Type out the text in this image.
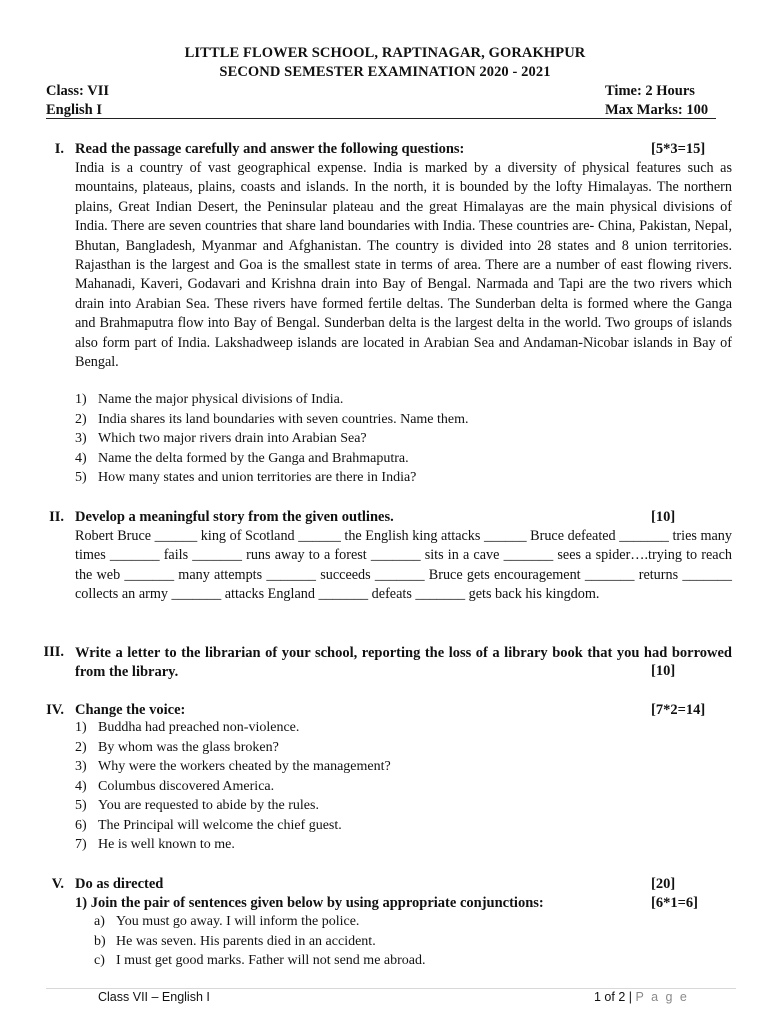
LITTLE FLOWER SCHOOL, RAPTINAGAR, GORAKHPUR
SECOND SEMESTER EXAMINATION 2020 - 2021
Class: VII	Time: 2 Hours
English I	Max Marks: 100
I. Read the passage carefully and answer the following questions:	[5*3=15]

India is a country of vast geographical expense. India is marked by a diversity of physical features such as mountains, plateaus, plains, coasts and islands. In the north, it is bounded by the lofty Himalayas. The northern plains, Great Indian Desert, the Peninsular plateau and the great Himalayas are the main physical divisions of India. There are seven countries that share land boundaries with India. These countries are- China, Pakistan, Nepal, Bhutan, Bangladesh, Myanmar and Afghanistan. The country is divided into 28 states and 8 union territories. Rajasthan is the largest and Goa is the smallest state in terms of area. There are a number of east flowing rivers. Mahanadi, Kaveri, Godavari and Krishna drain into Bay of Bengal. Narmada and Tapi are the two rivers which drain into Arabian Sea. These rivers have formed fertile deltas. The Sunderban delta is formed where the Ganga and Brahmaputra flow into Bay of Bengal. Sunderban delta is the largest delta in the world. Two groups of islands also form part of India. Lakshadweep islands are located in Arabian Sea and Andaman-Nicobar islands in Bay of Bengal.

1) Name the major physical divisions of India.
2) India shares its land boundaries with seven countries. Name them.
3) Which two major rivers drain into Arabian Sea?
4) Name the delta formed by the Ganga and Brahmaputra.
5) How many states and union territories are there in India?
II. Develop a meaningful story from the given outlines.	[10]

Robert Bruce ______ king of Scotland ______ the English king attacks ______ Bruce defeated _______ tries many times _______ fails _______ runs away to a forest _______ sits in a cave _______ sees a spider….trying to reach the web _______ many attempts _______ succeeds _______ Bruce gets encouragement _______ returns _______ collects an army _______ attacks England _______ defeats _______ gets back his kingdom.

III. Write a letter to the librarian of your school, reporting the loss of a library book that you had borrowed from the library.	[10]
IV. Change the voice:	[7*2=14]
1) Buddha had preached non-violence.
2) By whom was the glass broken?
3) Why were the workers cheated by the management?
4) Columbus discovered America.
5) You are requested to abide by the rules.
6) The Principal will welcome the chief guest.
7) He is well known to me.
V. Do as directed	[20]
1) Join the pair of sentences given below by using appropriate conjunctions:	[6*1=6]
a) You must go away. I will inform the police.
b) He was seven. His parents died in an accident.
c) I must get good marks. Father will not send me abroad.
Class VII – English I	1 of 2 | P a g e
